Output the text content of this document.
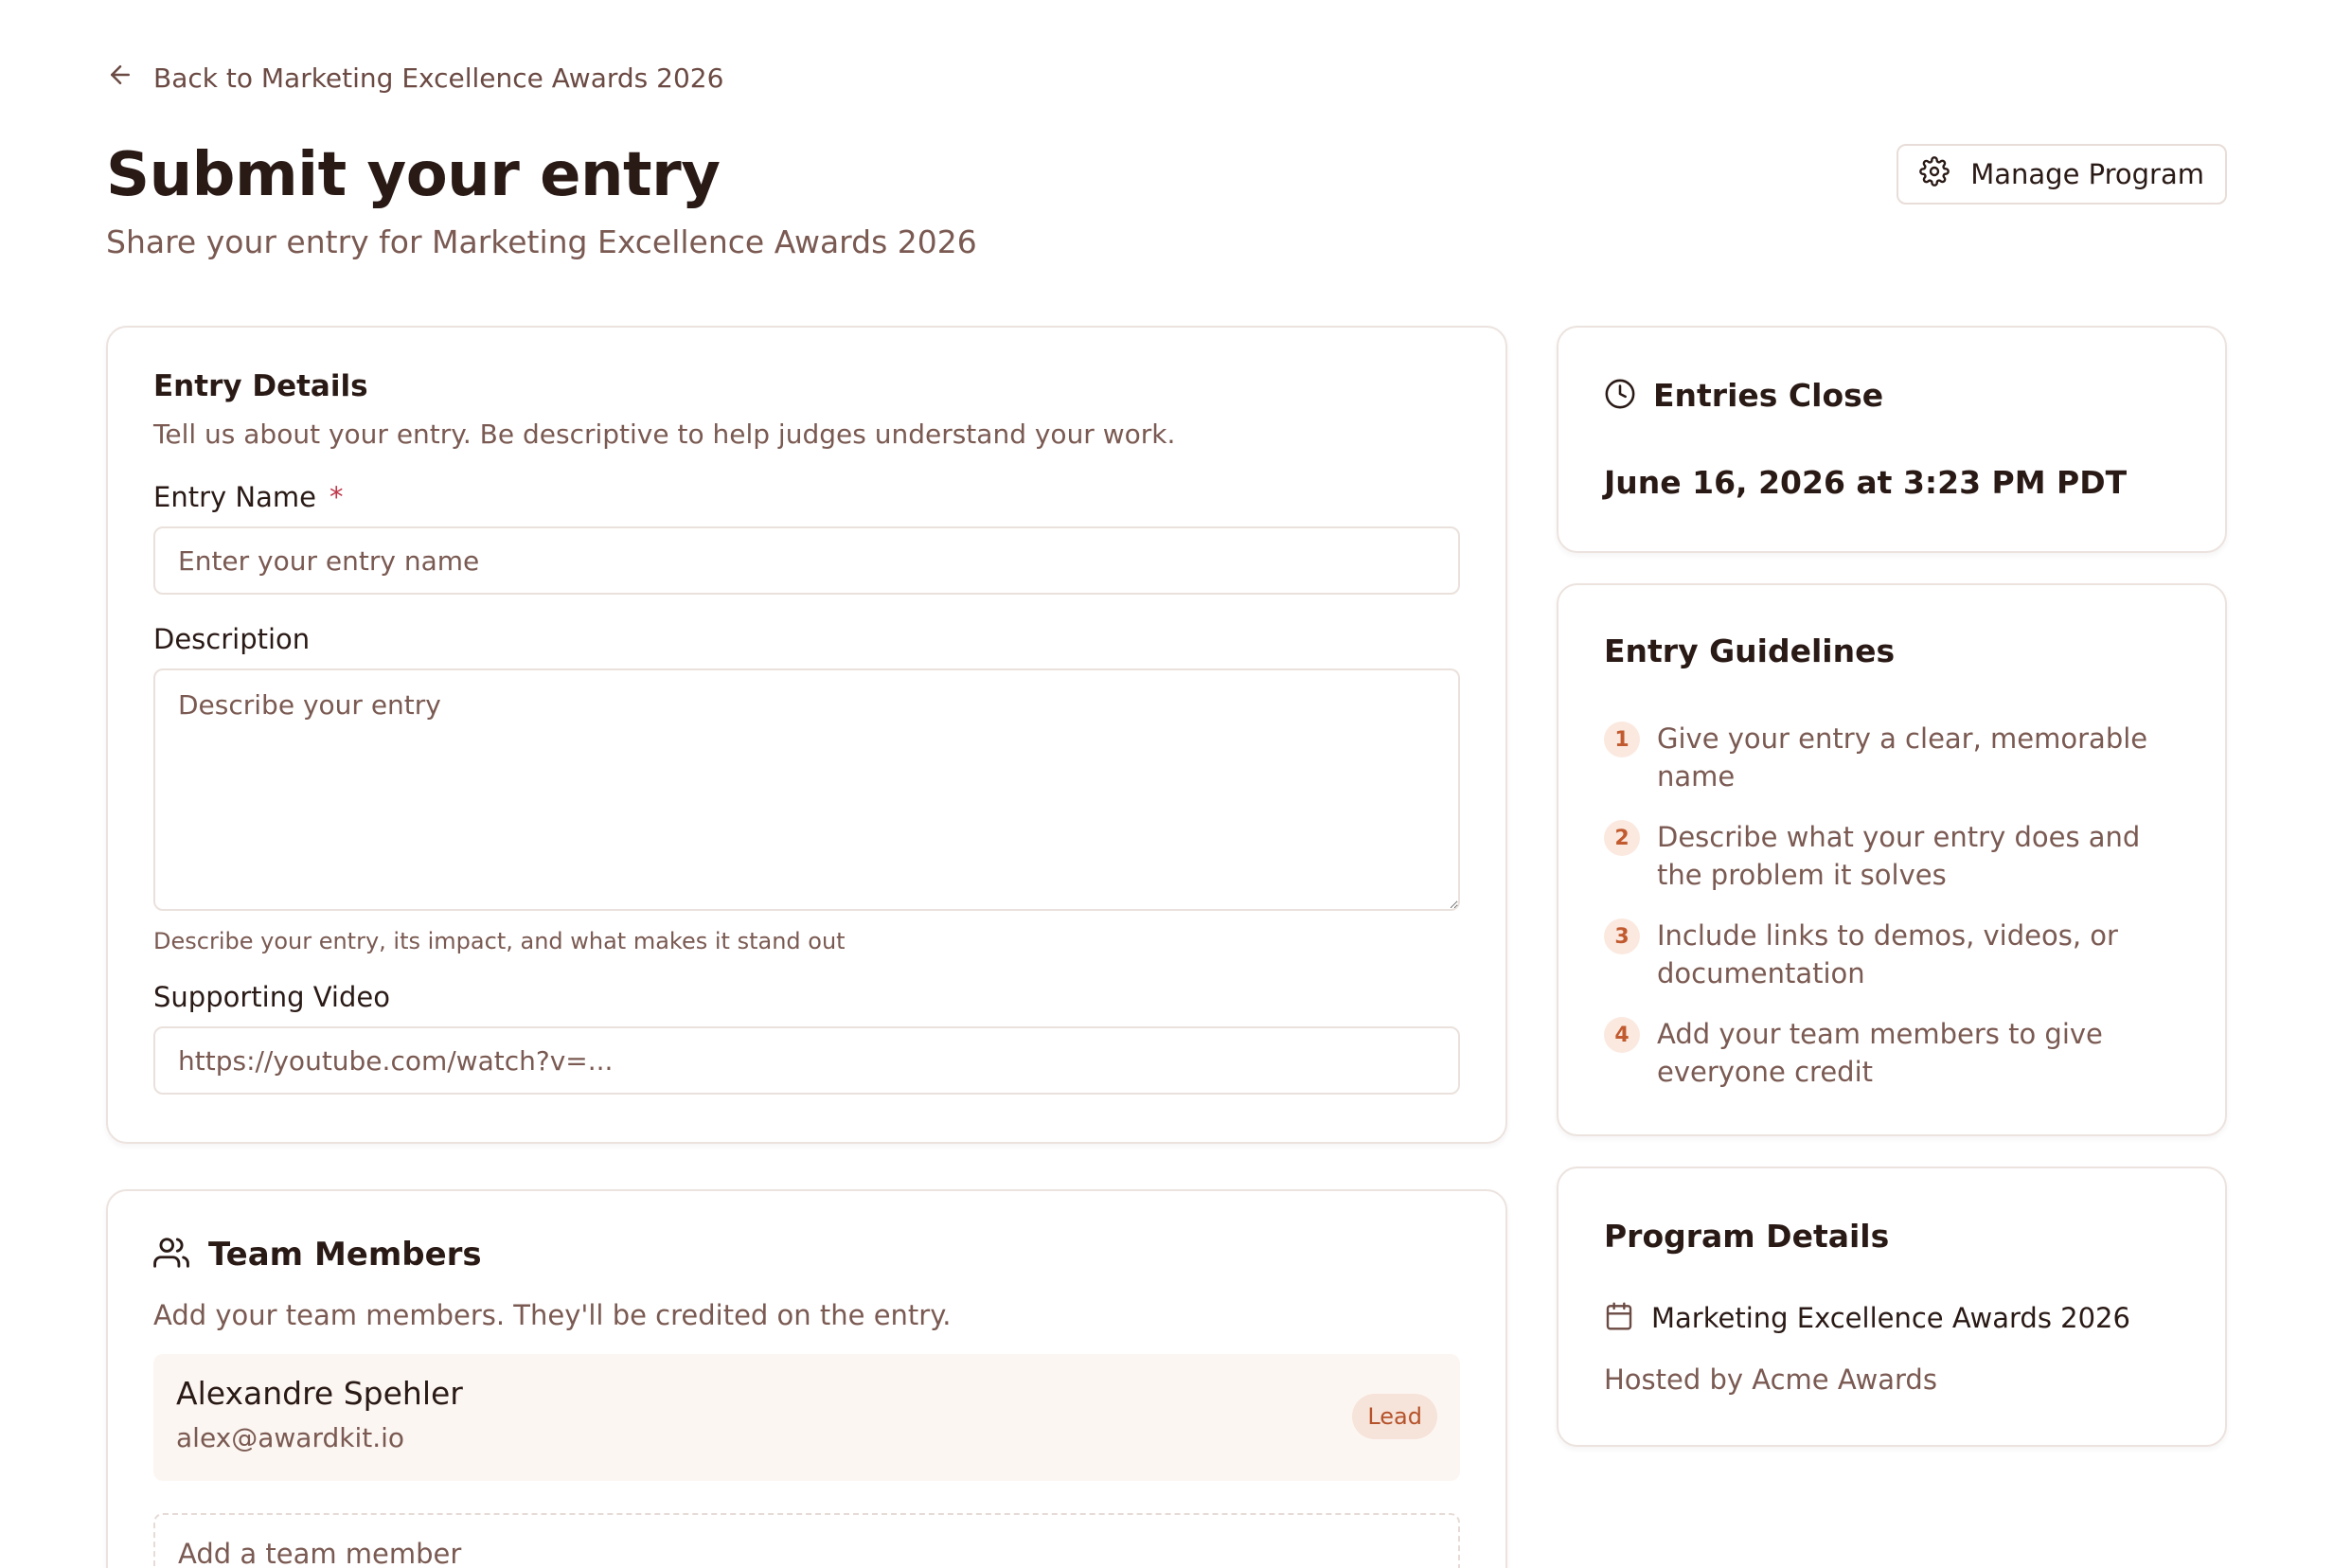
Back to Marketing Excellence Awards 2026
Submit your entry
Share your entry for Marketing Excellence Awards 2026
Manage Program
Entry Details
Tell us about your entry. Be descriptive to help judges understand your work.
Entry Name *
Enter your entry name
Description
Describe your entry
Describe your entry, its impact, and what makes it stand out
Supporting Video
https://youtube.com/watch?v=...
Team Members
Add your team members. They'll be credited on the entry.
Alexandre Spehler
alex@awardkit.io
Lead
Add a team member
Entries Close
June 16, 2026 at 3:23 PM PDT
Entry Guidelines
1	Give your entry a clear, memorable name
2	Describe what your entry does and the problem it solves
3	Include links to demos, videos, or documentation
4	Add your team members to give everyone credit
Program Details
Marketing Excellence Awards 2026
Hosted by Acme Awards
